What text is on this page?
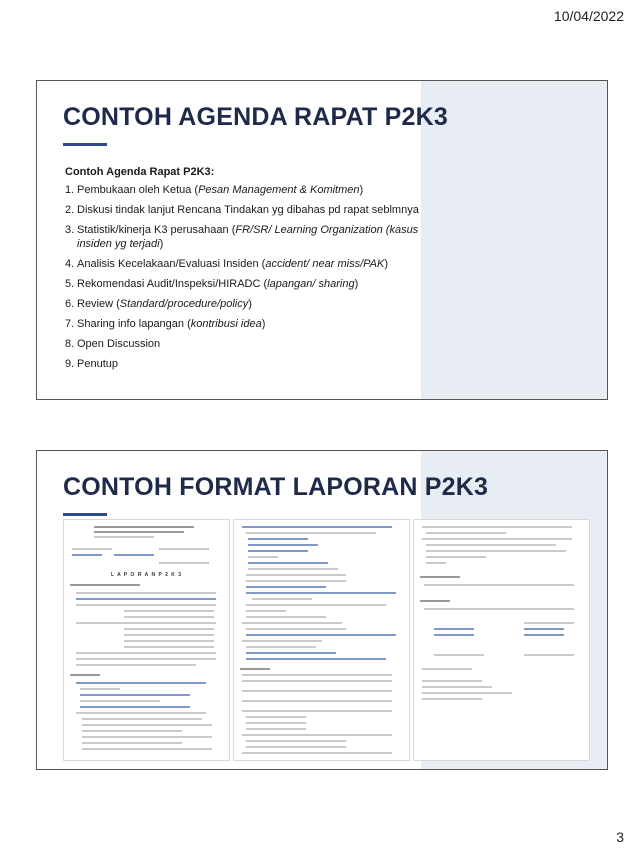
10/04/2022
CONTOH AGENDA RAPAT P2K3
Contoh Agenda Rapat P2K3:
1. Pembukaan oleh Ketua (Pesan Management & Komitmen)
2. Diskusi tindak lanjut Rencana Tindakan yg dibahas pd rapat seblmnya
3. Statistik/kinerja K3 perusahaan (FR/SR/ Learning Organization (kasus insiden yg terjadi)
4. Analisis Kecelakaan/Evaluasi Insiden (accident/ near miss/PAK)
5. Rekomendasi Audit/Inspeksi/HIRADC (lapangan/ sharing)
6. Review (Standard/procedure/policy)
7. Sharing info lapangan (kontribusi idea)
8. Open Discussion
9. Penutup
CONTOH FORMAT LAPORAN P2K3
L A P O R A N P 2 K 3
3
